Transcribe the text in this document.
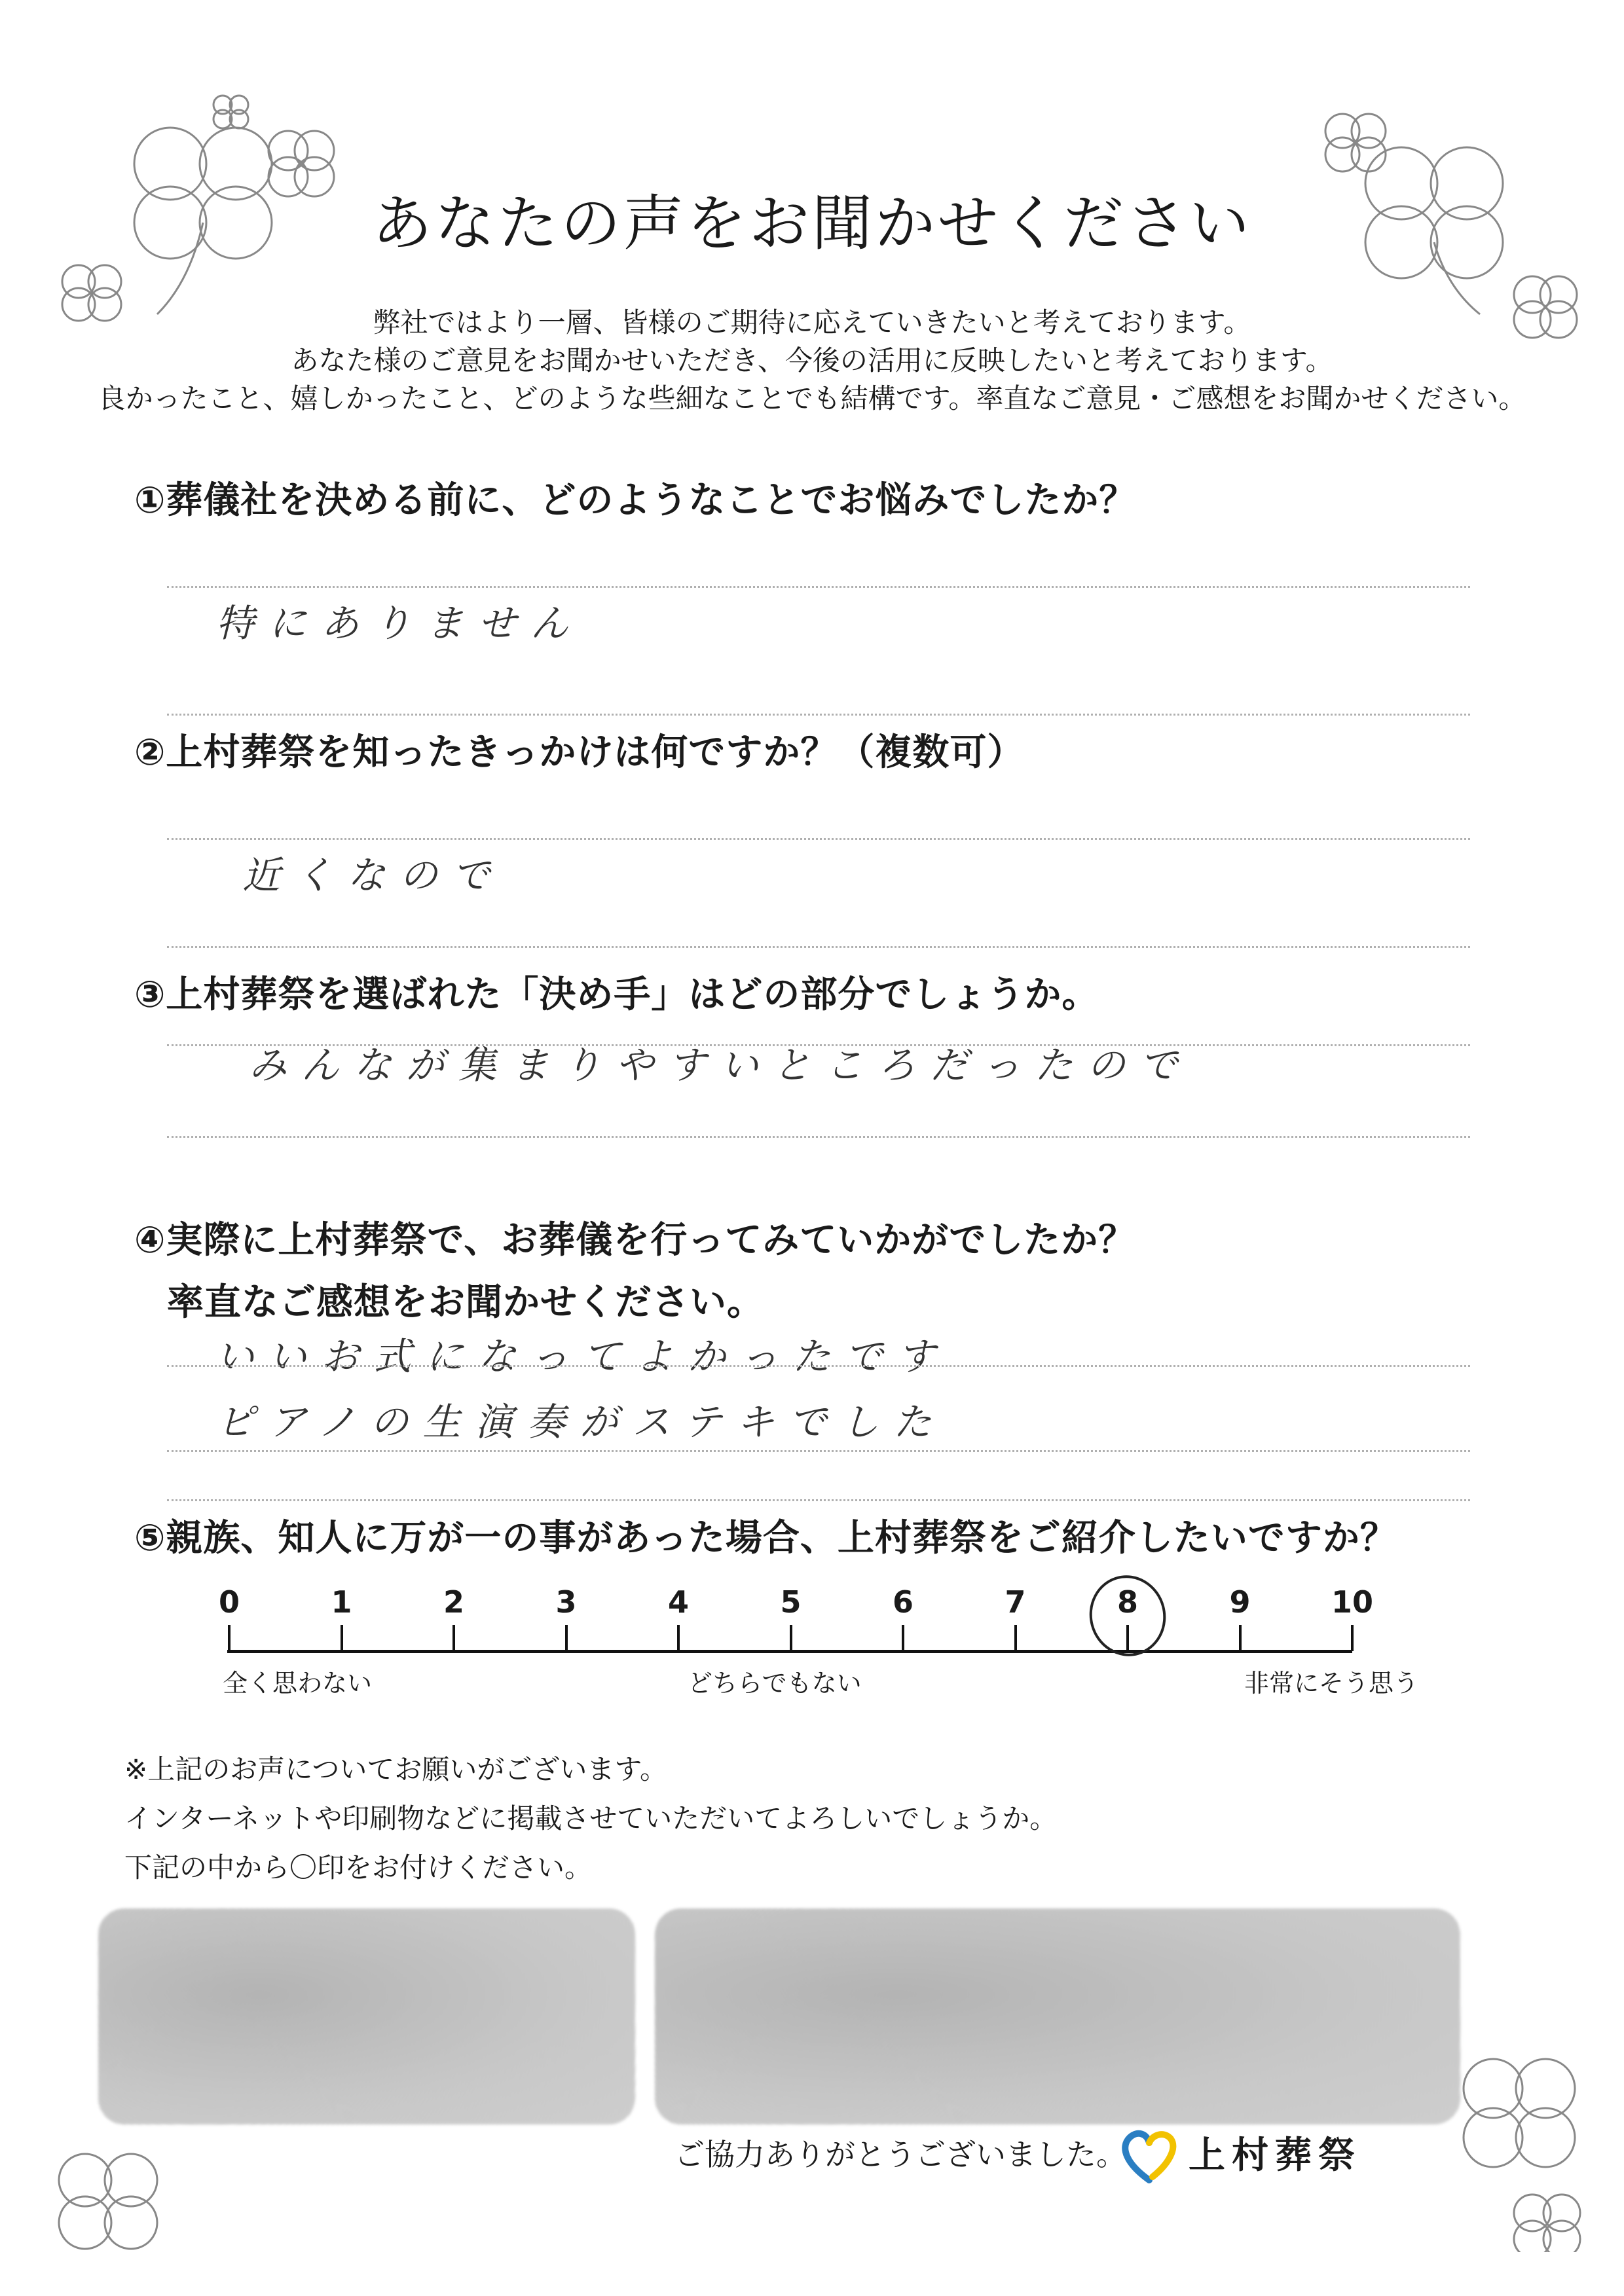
あなたの声をお聞かせください
弊社ではより一層、皆様のご期待に応えていきたいと考えております。
あなた様のご意見をお聞かせいただき、今後の活用に反映したいと考えております。
良かったこと、嬉しかったこと、どのような些細なことでも結構です。率直なご意見・ご感想をお聞かせください。
①葬儀社を決める前に、どのようなことでお悩みでしたか？
特にありません
②上村葬祭を知ったきっかけは何ですか？（複数可）
近くなので
③上村葬祭を選ばれた「決め手」はどの部分でしょうか。
みんなが集まりやすいところだったので
④実際に上村葬祭で、お葬儀を行ってみていかがでしたか？
率直なご感想をお聞かせください。
いいお式になってよかったです
ピアノの生演奏がステキでした
⑤親族、知人に万が一の事があった場合、上村葬祭をご紹介したいですか？
0	1	2	3	4	5	6	7	8	9	10
全く思わない	どちらでもない	非常にそう思う
※上記のお声についてお願いがございます。
インターネットや印刷物などに掲載させていただいてよろしいでしょうか。
下記の中から〇印をお付けください。
ご協力ありがとうございました。 上村葬祭
